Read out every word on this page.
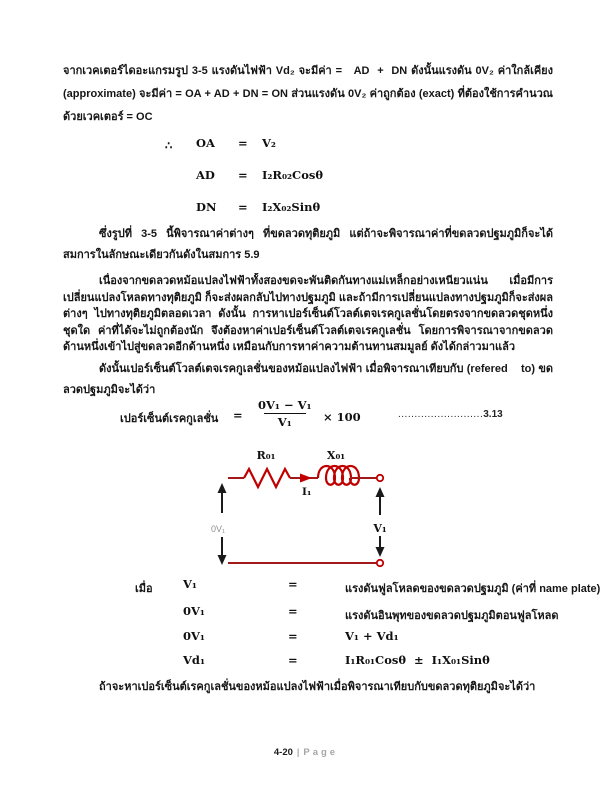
จากเวคเตอร์ไดอะแกรมรูป 3-5 แรงดันไฟฟ้า Vd₂ จะมีค่า =   AD  +  DN ดังนั้นแรงดัน 0V₂ ค่าใกล้เคียง (approximate) จะมีค่า = OA + AD + DN = ON ส่วนแรงดัน 0V₂ ค่าถูกต้อง (exact) ที่ต้องใช้การคำนวณด้วยเวคเตอร์ = OC
∴ OA = V₂
AD = I₂R₀₂Cosθ
DN = I₂X₀₂Sinθ
ซึ่งรูปที่ 3-5 นี้พิจารณาค่าต่างๆ ที่ขดลวดทุติยภูมิ แต่ถ้าจะพิจารณาค่าที่ขดลวดปฐมภูมิก็จะได้สมการในลักษณะเดียวกันดังในสมการ 5.9
เนื่องจากขดลวดหม้อแปลงไฟฟ้าทั้งสองขดจะพันติดกันทางแม่เหล็กอย่างเหนียวแน่น เมื่อมีการเปลี่ยนแปลงโหลดทางทุติยภูมิ ก็จะส่งผลกลับไปทางปฐมภูมิ และถ้ามีการเปลี่ยนแปลงทางปฐมภูมิก็จะส่งผลต่างๆ ไปทางทุติยภูมิตลอดเวลา ดังนั้น การหาเปอร์เซ็นต์โวลต์เตจเรคกูเลชั่นโดยตรงจากขดลวดชุดหนึ่งชุดใด ค่าที่ได้จะไม่ถูกต้องนัก จึงต้องหาค่าเปอร์เซ็นต์โวลต์เตจเรคกูเลชั่น โดยการพิจารณาจากขดลวดด้านหนึ่งเข้าไปสู่ขดลวดอีกด้านหนึ่ง เหมือนกับการหาค่าความต้านทานสมมูลย์ ดังได้กล่าวมาแล้ว
ดังนั้นเปอร์เซ็นต์โวลต์เตจเรคกูเลชั่นของหม้อแปลงไฟฟ้า เมื่อพิจารณาเทียบกับ (refered    to) ขดลวดปฐมภูมิจะได้ว่า
เปอร์เซ็นต์เรคกูเลชั่น = $\frac{\text{0V₁ − V₁}}{\text{V₁}} \times 100$	..........................3.13
R₀₁	X₀₁
I₁
0V₁	V₁
เมื่อ	V₁	=	แรงดันฟูลโหลดของขดลวดปฐมภูมิ (ค่าที่ name plate)
0V₁	=	แรงดันอินพุทของขดลวดปฐมภูมิตอนฟูลโหลด
0V₁	=	V₁ + Vd₁
Vd₁	=	I₁R₀₁Cosθ  ±  I₁X₀₁Sinθ
ถ้าจะหาเปอร์เซ็นต์เรคกูเลชั่นของหม้อแปลงไฟฟ้าเมื่อพิจารณาเทียบกับขดลวดทุติยภูมิจะได้ว่า
4-20 | Page
